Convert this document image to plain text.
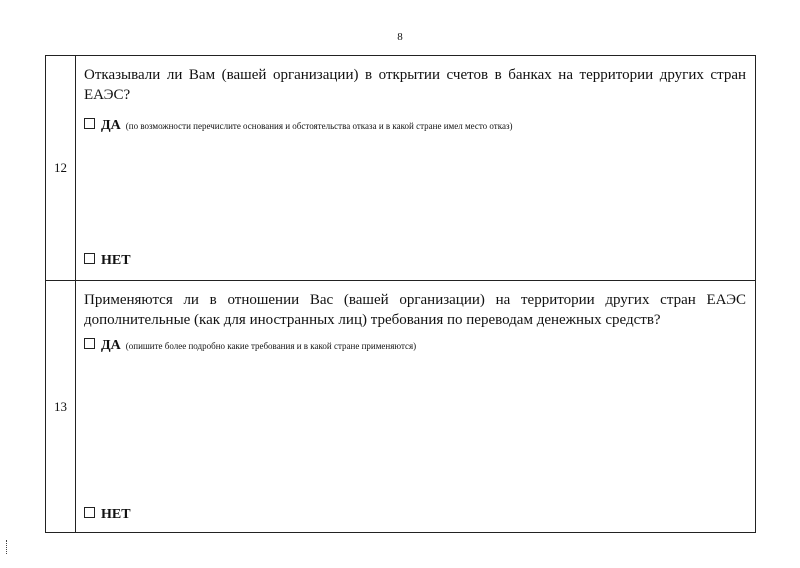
8
12	Отказывали ли Вам (вашей организации) в открытии счетов в банках на территории других стран ЕАЭС?
ДА (по возможности перечислите основания и обстоятельства отказа и в какой стране имел место отказ)
НЕТ

13	Применяются ли в отношении Вас (вашей организации) на территории других стран ЕАЭС дополнительные (как для иностранных лиц) требования по переводам денежных средств?
ДА (опишите более подробно какие требования и в какой стране применяются)
НЕТ
